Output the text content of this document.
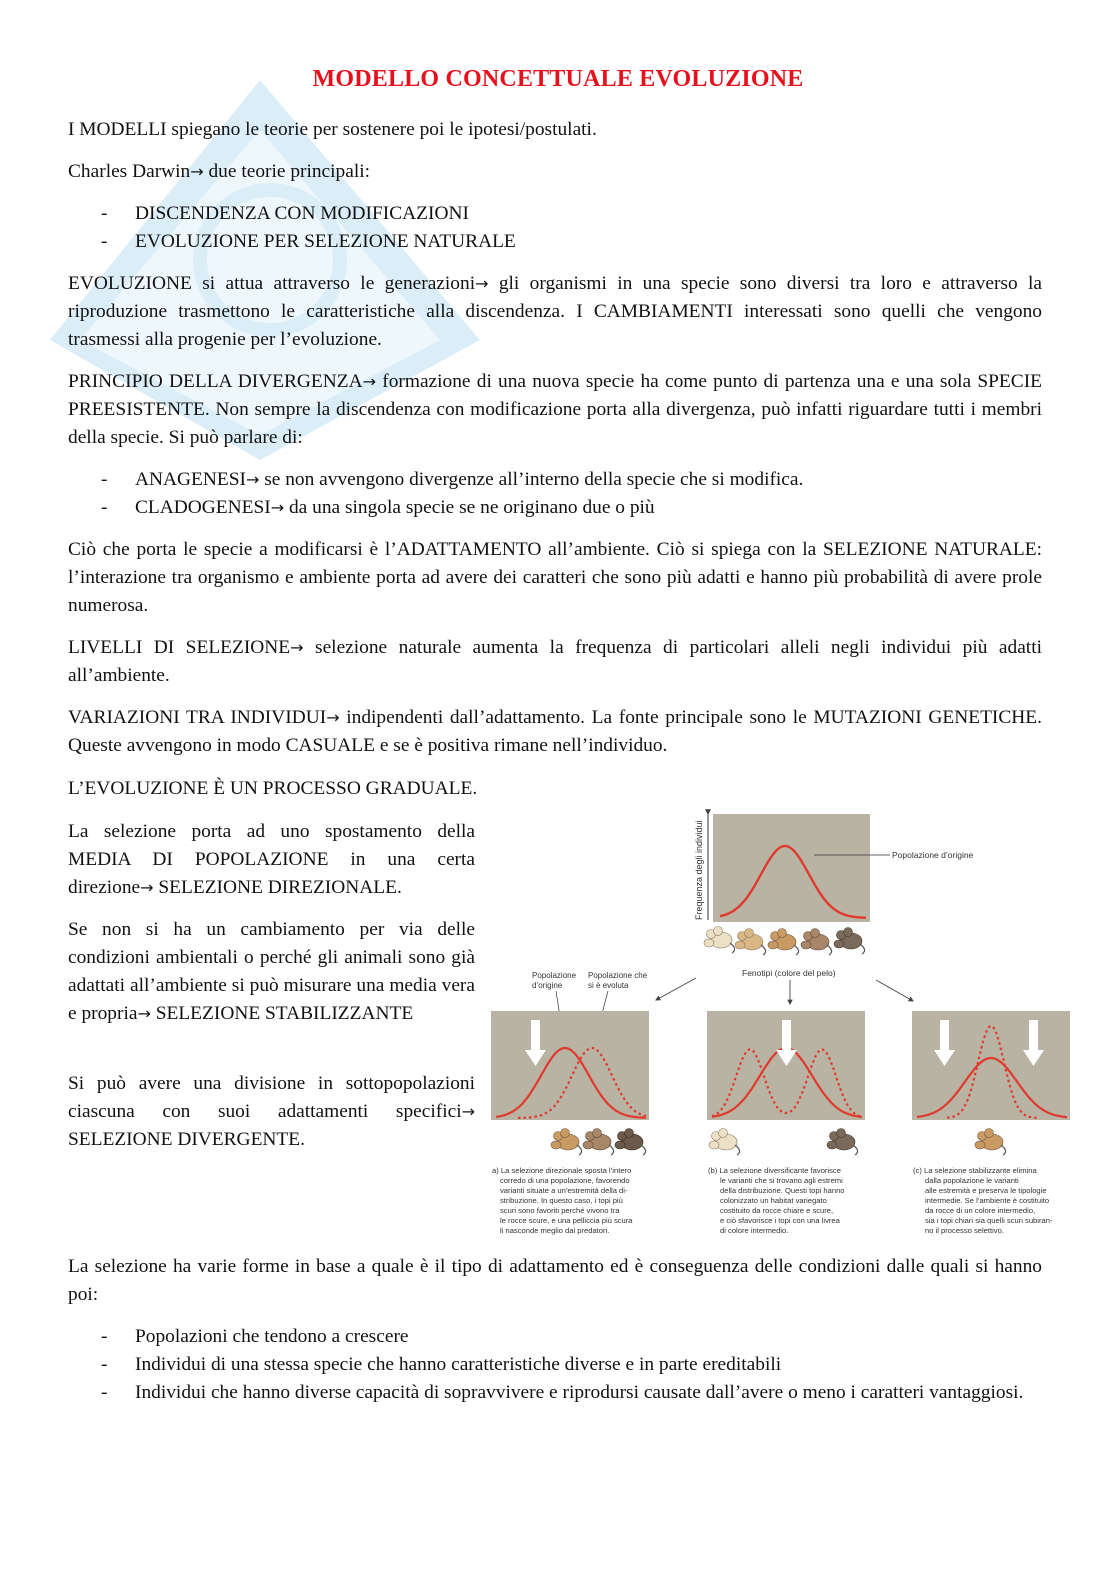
MODELLO CONCETTUALE EVOLUZIONE

I MODELLI spiegano le teorie per sostenere poi le ipotesi/postulati.

Charles Darwin→ due teorie principali:

- DISCENDENZA CON MODIFICAZIONI
- EVOLUZIONE PER SELEZIONE NATURALE

EVOLUZIONE si attua attraverso le generazioni→ gli organismi in una specie sono diversi tra loro e attraverso la riproduzione trasmettono le caratteristiche alla discendenza. I CAMBIAMENTI interessati sono quelli che vengono trasmessi alla progenie per l’evoluzione.

PRINCIPIO DELLA DIVERGENZA→ formazione di una nuova specie ha come punto di partenza una e una sola SPECIE PREESISTENTE. Non sempre la discendenza con modificazione porta alla divergenza, può infatti riguardare tutti i membri della specie. Si può parlare di:

- ANAGENESI→ se non avvengono divergenze all’interno della specie che si modifica.
- CLADOGENESI→ da una singola specie se ne originano due o più

Ciò che porta le specie a modificarsi è l’ADATTAMENTO all’ambiente. Ciò si spiega con la SELEZIONE NATURALE: l’interazione tra organismo e ambiente porta ad avere dei caratteri che sono più adatti e hanno più probabilità di avere prole numerosa.

LIVELLI DI SELEZIONE→ selezione naturale aumenta la frequenza di particolari alleli negli individui più adatti all’ambiente.

VARIAZIONI TRA INDIVIDUI→ indipendenti dall’adattamento. La fonte principale sono le MUTAZIONI GENETICHE. Queste avvengono in modo CASUALE e se è positiva rimane nell’individuo.

L’EVOLUZIONE È UN PROCESSO GRADUALE.

La selezione porta ad uno spostamento della MEDIA DI POPOLAZIONE in una certa direzione→ SELEZIONE DIREZIONALE.

Se non si ha un cambiamento per via delle condizioni ambientali o perché gli animali sono già adattati all’ambiente si può misurare una media vera e propria→ SELEZIONE STABILIZZANTE

Si può avere una divisione in sottopopolazioni ciascuna con suoi adattamenti specifici→ SELEZIONE DIVERGENTE.

Frequenza degli individui	Popolazione d’origine
Fenotipi (colore del pelo)
Popolazione
d’origine
Popolazione che
si è evoluta
a) La selezione direzionale sposta l’intero
corredo di una popolazione, favorendo
varianti situate a un’estremità della di-
stribuzione. In questo caso, i topi più
scuri sono favoriti perché vivono tra
le rocce scure, e una pelliccia più scura
li nasconde meglio dai predatori.
(b) La selezione diversificante favorisce
le varianti che si trovano agli estremi
della distribuzione. Questi topi hanno
colonizzato un habitat variegato
costituito da rocce chiare e scure,
e ciò sfavorisce i topi con una livrea
di colore intermedio.
(c) La selezione stabilizzante elimina
dalla popolazione le varianti
alle estremità e preserva le tipologie
intermedie. Se l’ambiente è costituito
da rocce di un colore intermedio,
sia i topi chiari sia quelli scuri subiran-
no il processo selettivo.

La selezione ha varie forme in base a quale è il tipo di adattamento ed è conseguenza delle condizioni dalle quali si hanno poi:

- Popolazioni che tendono a crescere
- Individui di una stessa specie che hanno caratteristiche diverse e in parte ereditabili
- Individui che hanno diverse capacità di sopravvivere e riprodursi causate dall’avere o meno i caratteri vantaggiosi.
